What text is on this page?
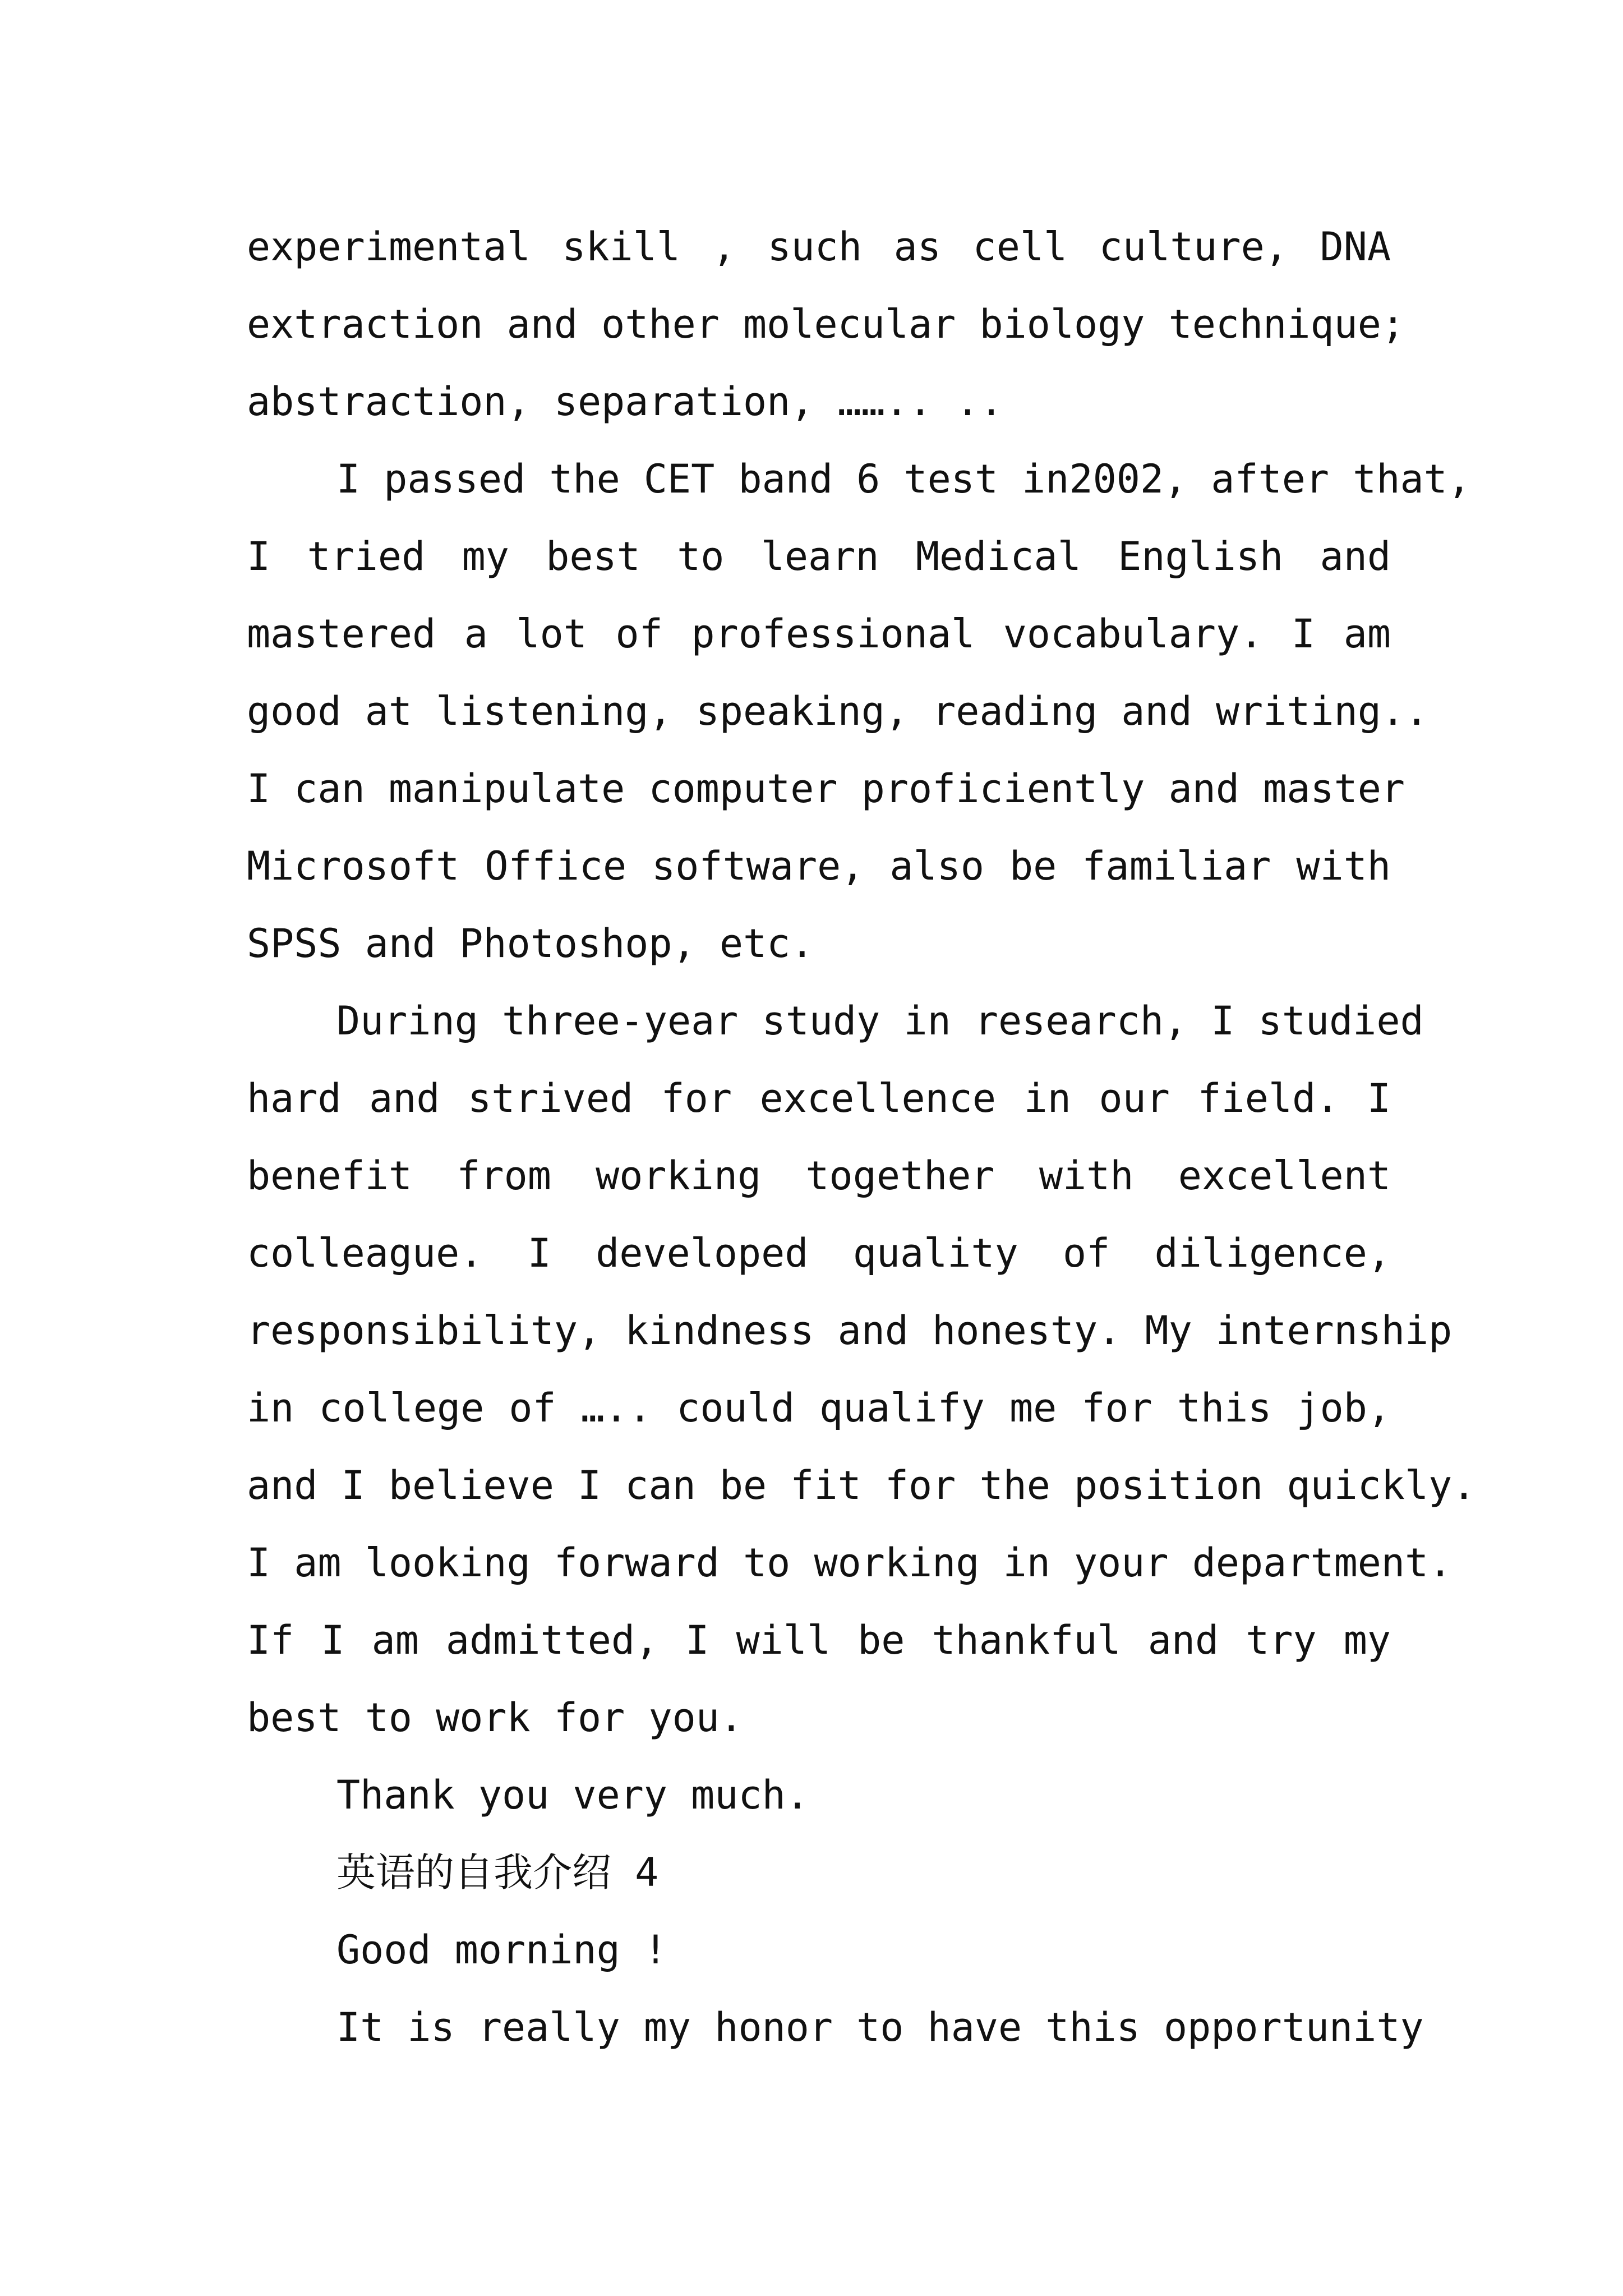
experimental skill , such as cell culture, DNA
extraction and other molecular biology technique;
abstraction, separation, …….. ..
I passed the CET band 6 test in2002, after that,
I tried my best to learn Medical English and
mastered a lot of professional vocabulary. I am
good at listening, speaking, reading and writing..
I can manipulate computer proficiently and master
Microsoft Office software, also be familiar with
SPSS and Photoshop, etc.
During three-year study in research, I studied
hard and strived for excellence in our field. I
benefit from working together with excellent
colleague. I developed quality of diligence,
responsibility, kindness and honesty. My internship
in college of ….. could qualify me for this job,
and I believe I can be fit for the position quickly.
I am looking forward to working in your department.
If I am admitted, I will be thankful and try my
best to work for you.
Thank you very much.
英语的自我介绍 4
Good morning !
It is really my honor to have this opportunity
